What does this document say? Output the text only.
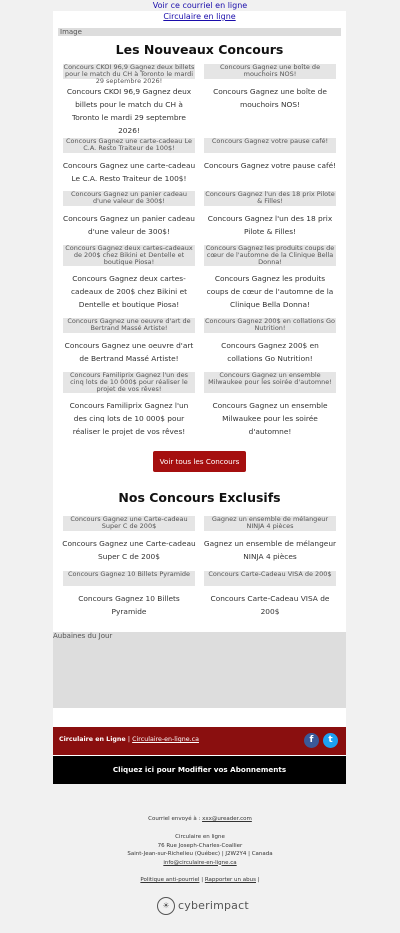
Voir ce courriel en ligne
Circulaire en ligne
Image
Les Nouveaux Concours
Concours CKOI 96,9 Gagnez deux billets pour le match du CH à Toronto le mardi 29 septembre 2026!
Concours CKOI 96,9 Gagnez deux billets pour le match du CH à Toronto le mardi 29 septembre 2026!
Concours Gagnez une boîte de mouchoirs NOS!
Concours Gagnez une boîte de mouchoirs NOS!
Concours Gagnez une carte-cadeau Le C.A. Resto Traiteur de 100$!
Concours Gagnez une carte-cadeau Le C.A. Resto Traiteur de 100$!
Concours Gagnez votre pause café!
Concours Gagnez votre pause café!
Concours Gagnez un panier cadeau d'une valeur de 300$!
Concours Gagnez un panier cadeau d'une valeur de 300$!
Concours Gagnez l'un des 18 prix Pilote & Filles!
Concours Gagnez l'un des 18 prix Pilote & Filles!
Concours Gagnez deux cartes-cadeaux de 200$ chez Bikini et Dentelle et boutique Piosa!
Concours Gagnez deux cartes-cadeaux de 200$ chez Bikini et Dentelle et boutique Piosa!
Concours Gagnez les produits coups de cœur de l'automne de la Clinique Bella Donna!
Concours Gagnez les produits coups de cœur de l'automne de la Clinique Bella Donna!
Concours Gagnez une oeuvre d'art de Bertrand Massé Artiste!
Concours Gagnez une oeuvre d'art de Bertrand Massé Artiste!
Concours Gagnez 200$ en collations Go Nutrition!
Concours Gagnez 200$ en collations Go Nutrition!
Concours Familiprix Gagnez l'un des cinq lots de 10 000$ pour réaliser le projet de vos rêves!
Concours Familiprix Gagnez l'un des cinq lots de 10 000$ pour réaliser le projet de vos rêves!
Concours Gagnez un ensemble Milwaukee pour les soirée d'automne!
Concours Gagnez un ensemble Milwaukee pour les soirée d'automne!
Voir tous les Concours
Nos Concours Exclusifs
Concours Gagnez une Carte-cadeau Super C de 200$
Concours Gagnez une Carte-cadeau Super C de 200$
Gagnez un ensemble de mélangeur NINJA 4 pièces
Gagnez un ensemble de mélangeur NINJA 4 pièces
Concours Gagnez 10 Billets Pyramide
Concours Gagnez 10 Billets Pyramide
Concours Carte-Cadeau VISA de 200$
Concours Carte-Cadeau VISA de 200$
Aubaines du Jour
Circulaire en Ligne | Circulaire-en-ligne.ca	f	t
Cliquez ici pour Modifier vos Abonnements
Courriel envoyé à : xxx@ureader.com
Circulaire en ligne
76 Rue Joseph-Charles-Coallier
Saint-Jean-sur-Richelieu (Québec) | J2W2Y4 | Canada
info@circulaire-en-ligne.ca
Politique anti-pourriel | Rapporter un abus |
☀ cyberimpact
